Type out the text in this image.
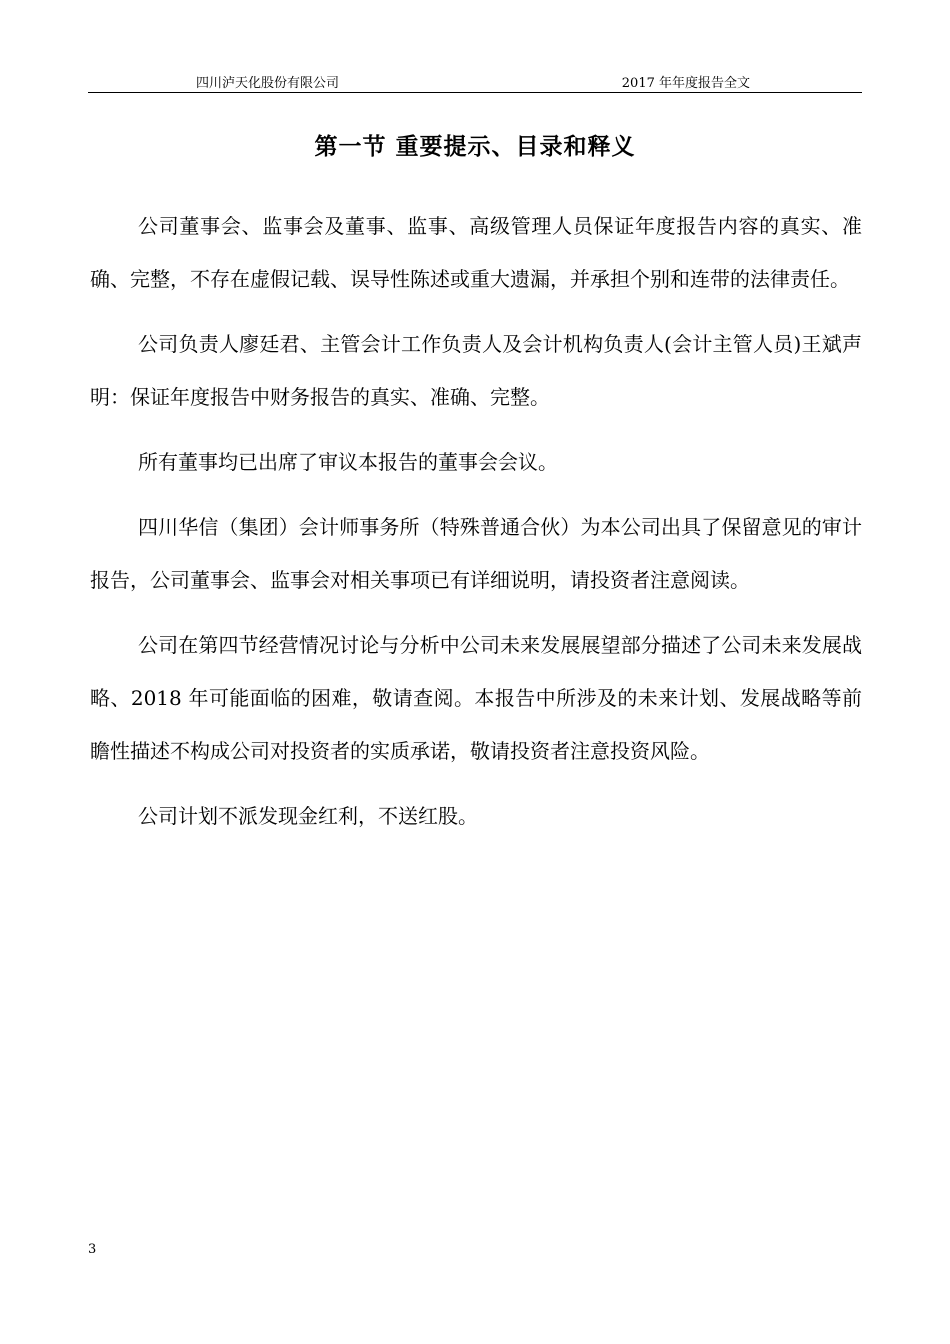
四川泸天化股份有限公司	2017 年年度报告全文
第一节 重要提示、目录和释义

公司董事会、监事会及董事、监事、高级管理人员保证年度报告内容的真实、准确、完整，不存在虚假记载、误导性陈述或重大遗漏，并承担个别和连带的法律责任。

公司负责人廖廷君、主管会计工作负责人及会计机构负责人(会计主管人员)王斌声明：保证年度报告中财务报告的真实、准确、完整。

所有董事均已出席了审议本报告的董事会会议。

四川华信（集团）会计师事务所（特殊普通合伙）为本公司出具了保留意见的审计报告，公司董事会、监事会对相关事项已有详细说明，请投资者注意阅读。

公司在第四节经营情况讨论与分析中公司未来发展展望部分描述了公司未来发展战略、2018 年可能面临的困难，敬请查阅。本报告中所涉及的未来计划、发展战略等前瞻性描述不构成公司对投资者的实质承诺，敬请投资者注意投资风险。

公司计划不派发现金红利，不送红股。

3
